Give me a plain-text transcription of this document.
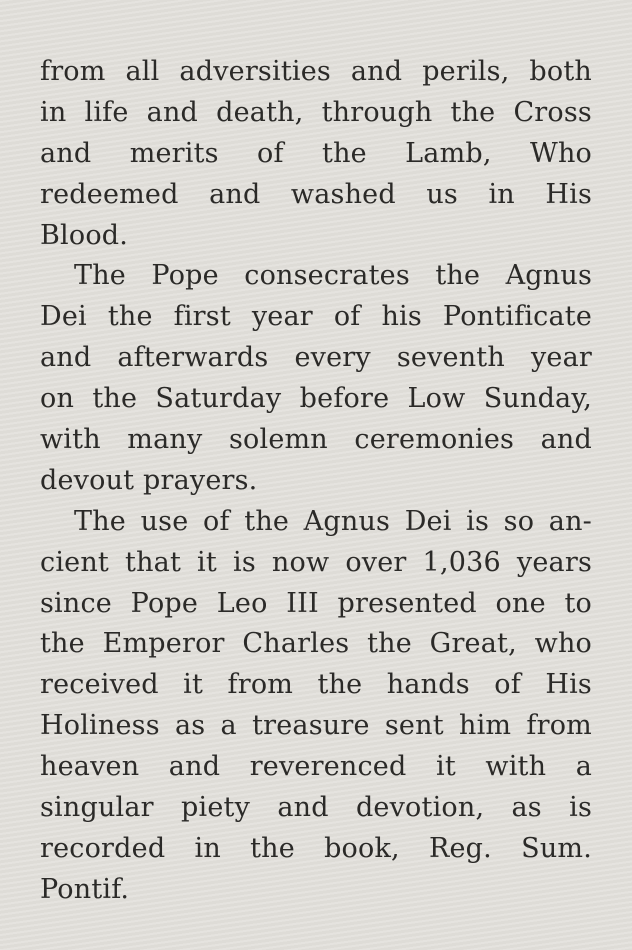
from all adversities and perils, both
in life and death, through the Cross
and merits of the Lamb, Who
redeemed and washed us in His
Blood.
The Pope consecrates the Agnus
Dei the first year of his Pontificate
and afterwards every seventh year
on the Saturday before Low Sunday,
with many solemn ceremonies and
devout prayers.
The use of the Agnus Dei is so an-
cient that it is now over 1,036 years
since Pope Leo III presented one to
the Emperor Charles the Great, who
received it from the hands of His
Holiness as a treasure sent him from
heaven and reverenced it with a
singular piety and devotion, as is
recorded in the book, Reg. Sum.
Pontif.
